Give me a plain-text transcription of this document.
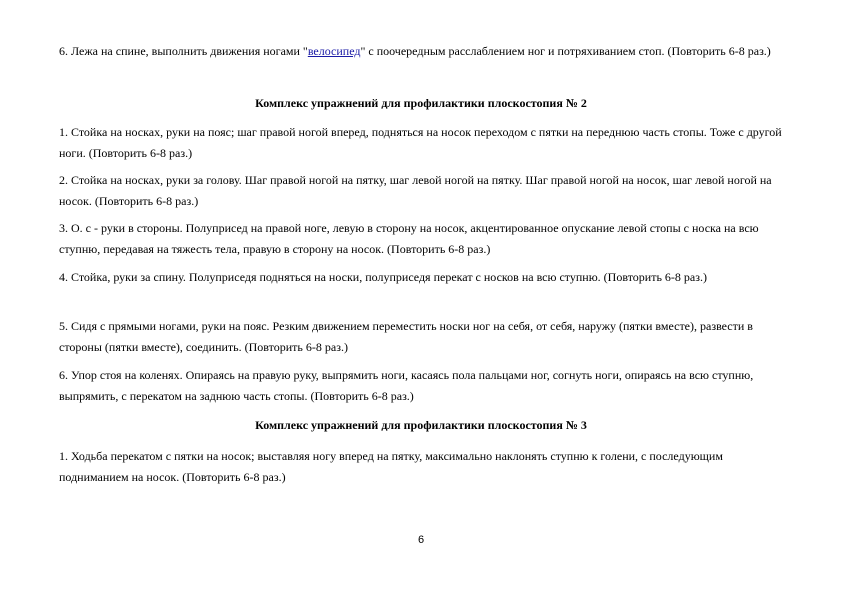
6. Лежа на спине, выполнить движения ногами "велосипед" с поочередным расслаблением ног и потряхиванием стоп. (Повторить 6-8 раз.)

Комплекс упражнений для профилактики плоскостопия № 2

1. Стойка на носках, руки на пояс; шаг правой ногой вперед, подняться на носок переходом с пятки на переднюю часть стопы. Тоже с другой ноги. (Повторить 6-8 раз.)

2. Стойка на носках, руки за голову. Шаг правой ногой на пятку, шаг левой ногой на пятку. Шаг правой ногой на носок, шаг левой ногой на носок. (Повторить 6-8 раз.)

3. О. с - руки в стороны. Полуприсед на правой ноге, левую в сторону на носок, акцентированное опускание левой стопы с носка на всю ступню, передавая на тяжесть тела, правую в сторону на носок. (Повторить 6-8 раз.)

4. Стойка, руки за спину. Полуприседя подняться на носки, полуприседя перекат с носков на всю ступню. (Повторить 6-8 раз.)

5. Сидя с прямыми ногами, руки на пояс. Резким движением переместить носки ног на себя, от себя, наружу (пятки вместе), развести в стороны (пятки вместе), соединить. (Повторить 6-8 раз.)

6. Упор стоя на коленях. Опираясь на правую руку, выпрямить ноги, касаясь пола пальцами ног, согнуть ноги, опираясь на всю ступню, выпрямить, с перекатом на заднюю часть стопы. (Повторить 6-8 раз.)

Комплекс упражнений для профилактики плоскостопия № 3

1. Ходьба перекатом с пятки на носок; выставляя ногу вперед на пятку, максимально наклонять ступню к голени, с последующим подниманием на носок. (Повторить 6-8 раз.)

6
